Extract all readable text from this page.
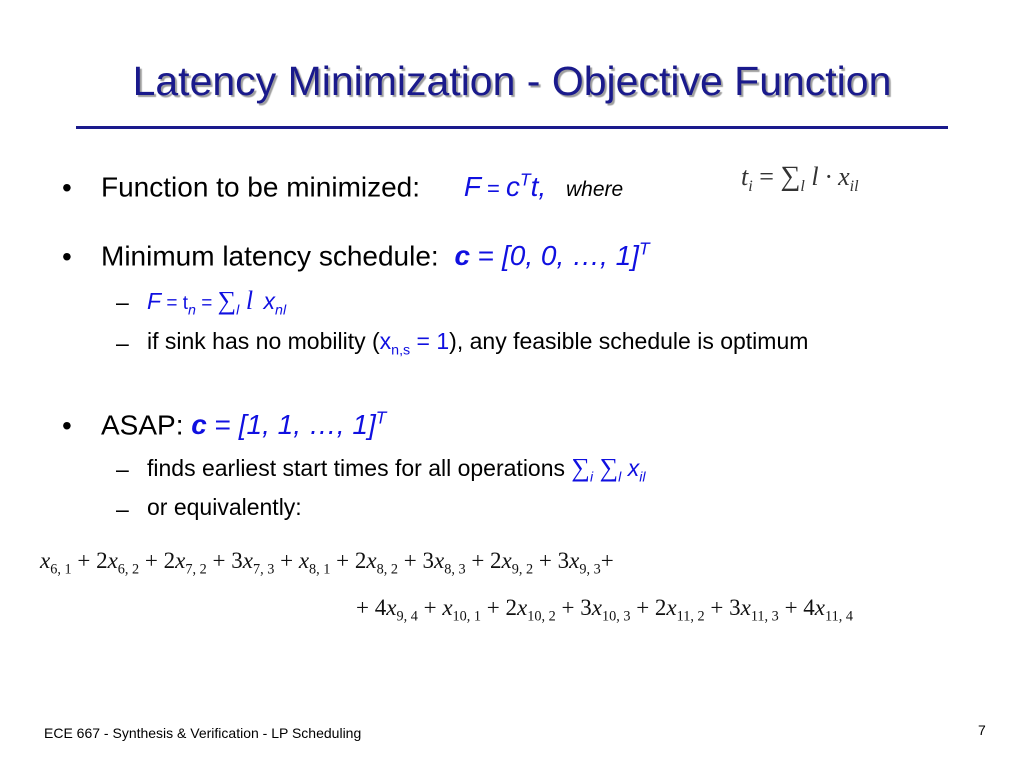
Latency Minimization - Objective Function
• Function to be minimized: $F = c^Tt$, where	$t_i = \sum_l$ $l \cdot x_{il}$
• Minimum latency schedule: c = [0, 0, …, 1]$^T$
– $F = t_n = \sum_l$ l $x_{nl}$
– if sink has no mobility $(x_{n,s} = 1)$, any feasible schedule is optimum
• ASAP: c = [1, 1, …, 1]$^T$
– finds earliest start times for all operations $\sum_i$ $\sum_l$ $x_{il}$
– or equivalently:
$x_{6, 1} + 2x_{6, 2} + 2x_{7, 2} + 3x_{7, 3} + x_{8, 1} + 2x_{8, 2} + 3x_{8, 3} + 2x_{9, 2} + 3x_{9, 3}+$
+ $4x_{9, 4} + x_{10, 1} + 2x_{10, 2} + 3x_{10, 3} + 2x_{11, 2} + 3x_{11, 3} + 4x_{11, 4}$
ECE 667 - Synthesis & Verification - LP Scheduling	7
